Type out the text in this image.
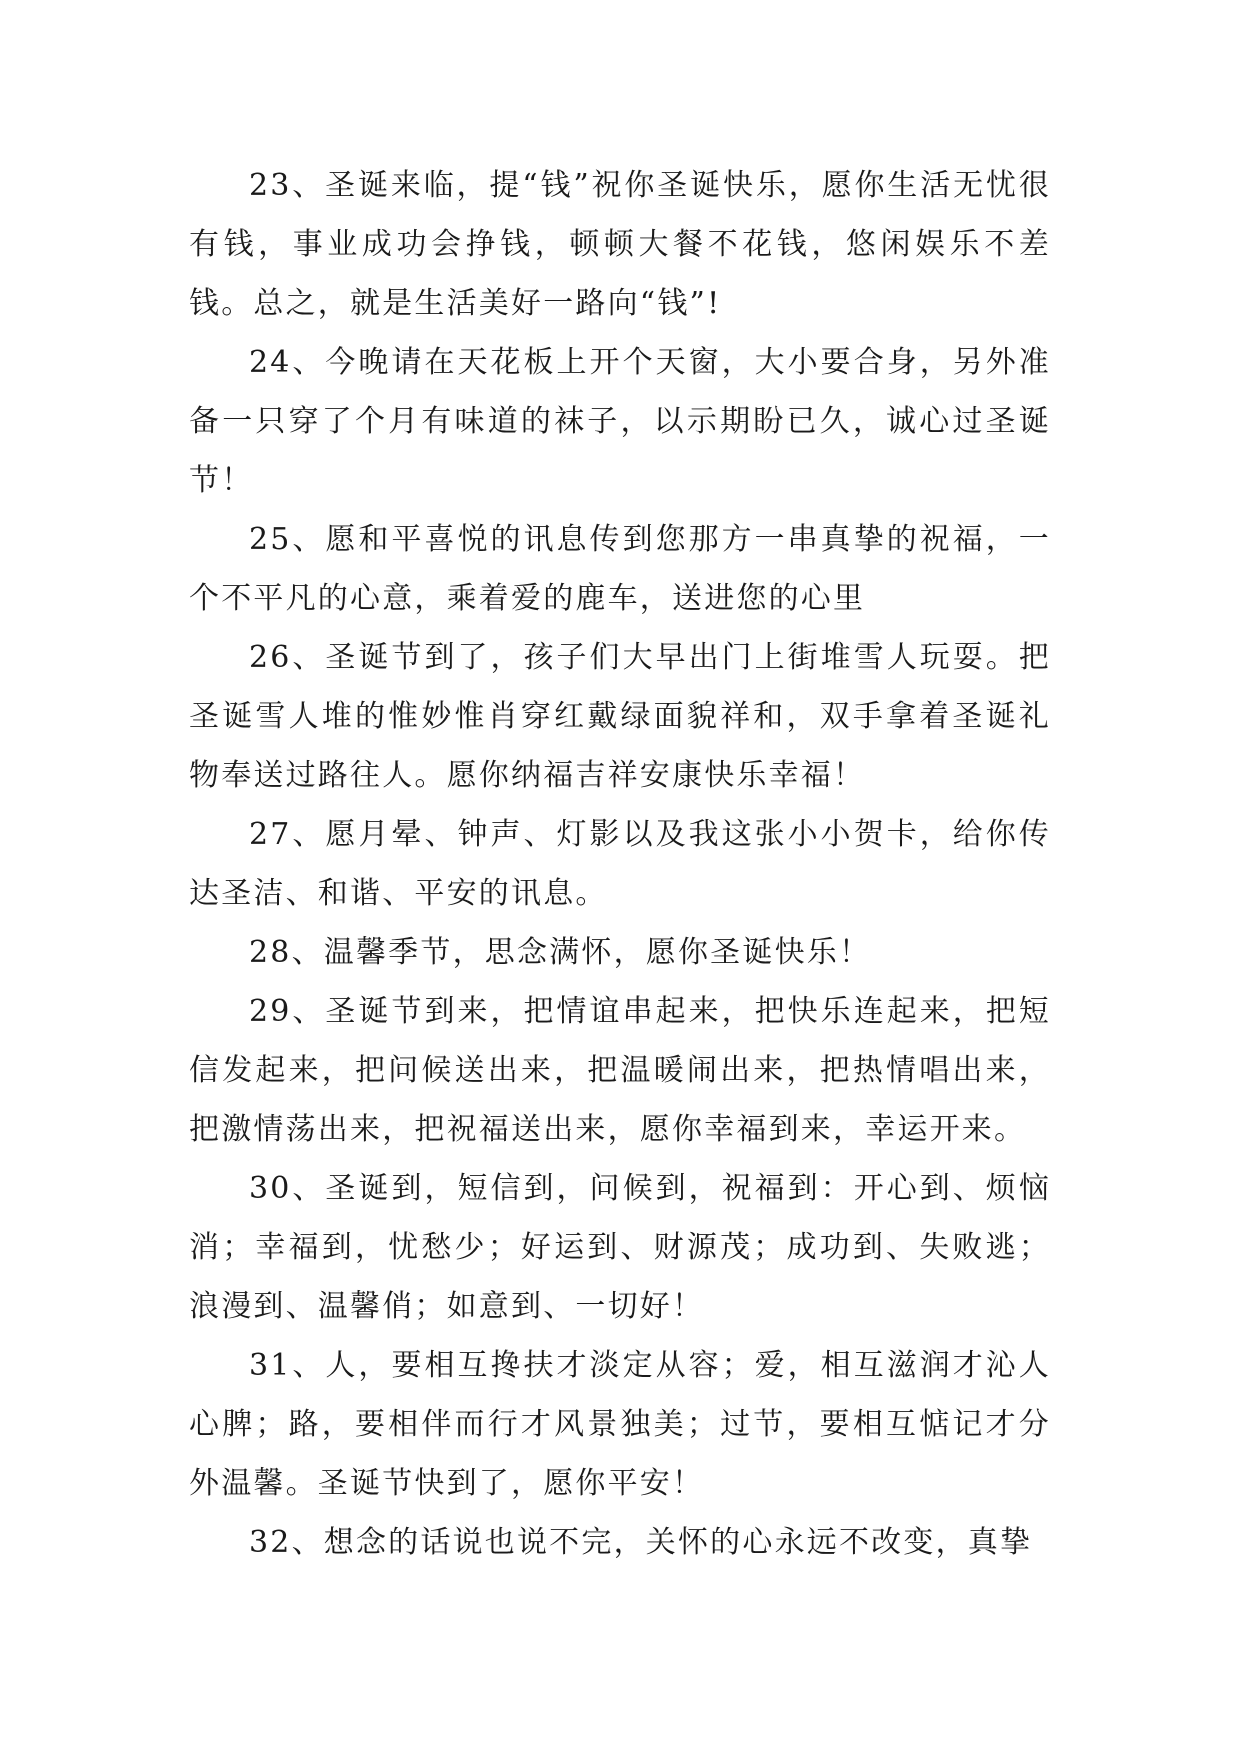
23、圣诞来临，提“钱”祝你圣诞快乐，愿你生活无忧很有钱，事业成功会挣钱，顿顿大餐不花钱，悠闲娱乐不差钱。总之，就是生活美好一路向“钱”!

24、今晚请在天花板上开个天窗，大小要合身，另外准备一只穿了个月有味道的袜子，以示期盼已久，诚心过圣诞节！

25、愿和平喜悦的讯息传到您那方一串真挚的祝福，一个不平凡的心意，乘着爱的鹿车，送进您的心里

26、圣诞节到了，孩子们大早出门上街堆雪人玩耍。把圣诞雪人堆的惟妙惟肖穿红戴绿面貌祥和，双手拿着圣诞礼物奉送过路往人。愿你纳福吉祥安康快乐幸福！

27、愿月晕、钟声、灯影以及我这张小小贺卡，给你传达圣洁、和谐、平安的讯息。

28、温馨季节，思念满怀，愿你圣诞快乐！

29、圣诞节到来，把情谊串起来，把快乐连起来，把短信发起来，把问候送出来，把温暖闹出来，把热情唱出来，把激情荡出来，把祝福送出来，愿你幸福到来，幸运开来。

30、圣诞到，短信到，问候到，祝福到：开心到、烦恼消；幸福到，忧愁少；好运到、财源茂；成功到、失败逃；浪漫到、温馨俏；如意到、一切好！

31、人，要相互搀扶才淡定从容；爱，相互滋润才沁人心脾；路，要相伴而行才风景独美；过节，要相互惦记才分外温馨。圣诞节快到了，愿你平安！

32、想念的话说也说不完，关怀的心永远不改变，真挚
